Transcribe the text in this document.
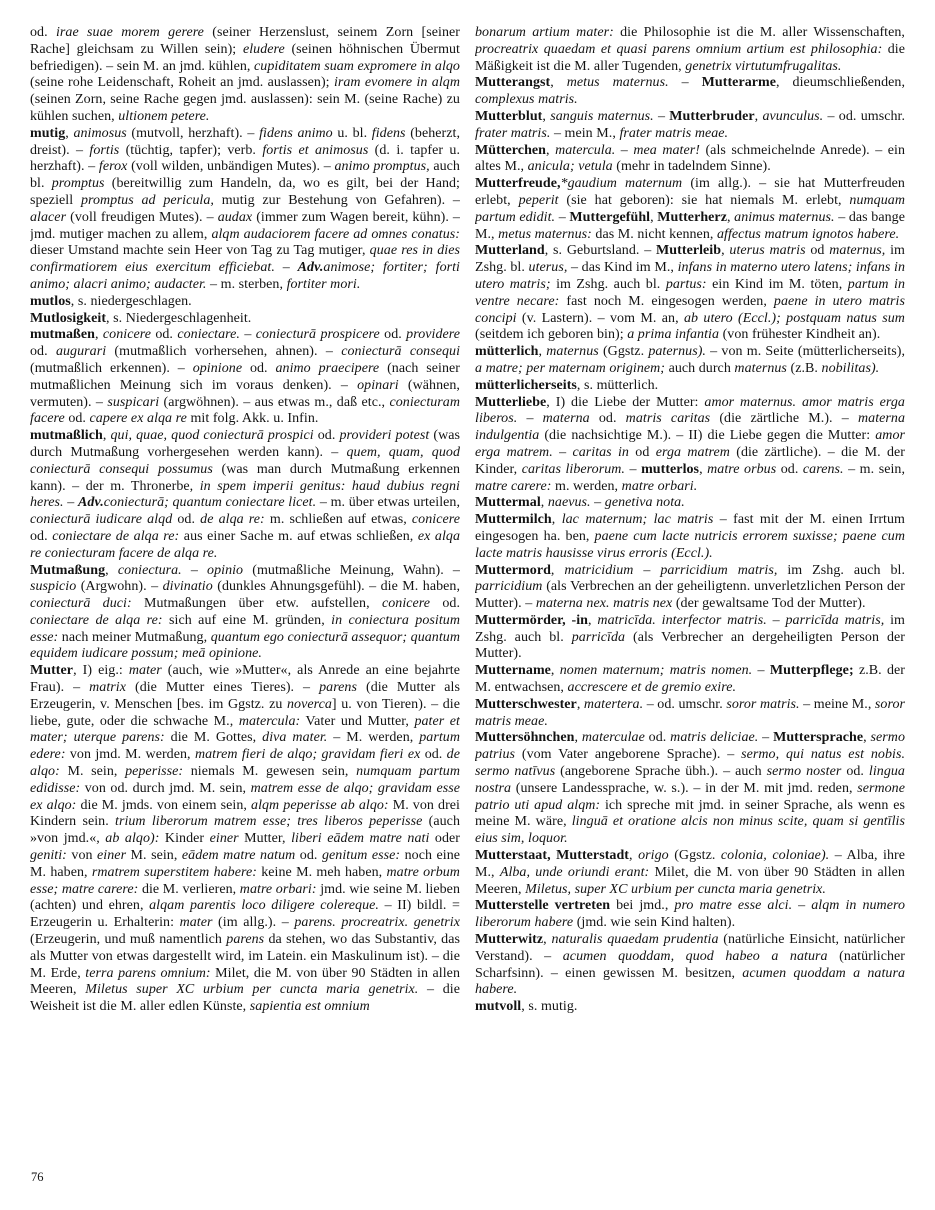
od. irae suae morem gerere (seiner Herzenslust, seinem Zorn [seiner Rache] gleichsam zu Willen sein); eludere (seinen höhnischen Übermut befriedigen). – sein M. an jmd. kühlen, cupiditatem suam expromere in alqo (seine rohe Leidenschaft, Roheit an jmd. auslassen); iram evomere in alqm (seinen Zorn, seine Rache gegen jmd. auslassen): sein M. (seine Rache) zu kühlen suchen, ultionem petere.

mutig, animosus (mutvoll, herzhaft). – fidens animo u. bl. fidens (beherzt, dreist). – fortis (tüchtig, tapfer); verb. fortis et animosus (d. i. tapfer u. herzhaft). – ferox (voll wilden, unbändigen Mutes). – animo promptus, auch bl. promptus (bereitwillig zum Handeln, da, wo es gilt, bei der Hand; speziell promptus ad pericula, mutig zur Bestehung von Gefahren). – alacer (voll freudigen Mutes). – audax (immer zum Wagen bereit, kühn). – jmd. mutiger machen zu allem, alqm audaciorem facere ad omnes conatus: dieser Umstand machte sein Heer von Tag zu Tag mutiger, quae res in dies confirmatiorem eius exercitum efficiebat. – Adv.animose; fortiter; forti animo; alacri animo; audacter. – m. sterben, fortiter mori.

mutlos, s. niedergeschlagen.

Mutlosigkeit, s. Niedergeschlagenheit.

mutmaßen, conicere od. coniectare. – coniecturā prospicere od. providere od. augurari (mutmaßlich vorhersehen, ahnen). – coniecturā consequi (mutmaßlich erkennen). – opinione od. animo praecipere (nach seiner mutmaßlichen Meinung sich im voraus denken). – opinari (wähnen, vermuten). – suspicari (argwöhnen). – aus etwas m., daß etc., coniecturam facere od. capere ex alqa re mit folg. Akk. u. Infin.

mutmaßlich, qui, quae, quod coniecturā prospici od. provideri potest (was durch Mutmaßung vorhergesehen werden kann). – quem, quam, quod coniecturā consequi possumus (was man durch Mutmaßung erkennen kann). – der m. Thronerbe, in spem imperii genitus: haud dubius regni heres. – Adv.coniecturā; quantum coniectare licet. – m. über etwas urteilen, coniecturā iudicare alqd od. de alqa re: m. schließen auf etwas, conicere od. coniectare de alqa re: aus einer Sache m. auf etwas schließen, ex alqa re coniecturam facere de alqa re.

Mutmaßung, coniectura. – opinio (mutmaßliche Meinung, Wahn). – suspicio (Argwohn). – divinatio (dunkles Ahnungsgefühl). – die M. haben, coniecturā duci: Mutmaßungen über etw. aufstellen, conicere od. coniectare de alqa re: sich auf eine M. gründen, in coniectura positum esse: nach meiner Mutmaßung, quantum ego coniecturā assequor; quantum equidem iudicare possum; meā opinione.

Mutter, I) eig.: mater (auch, wie »Mutter«, als Anrede an eine bejahrte Frau). – matrix (die Mutter eines Tieres). – parens (die Mutter als Erzeugerin, v. Menschen [bes. im Ggstz. zu noverca] u. von Tieren). – die liebe, gute, oder die schwache M., matercula: Vater und Mutter, pater et mater; uterque parens: die M. Gottes, diva mater. – M. werden, partum edere: von jmd. M. werden, matrem fieri de alqo; gravidam fieri ex od. de alqo: M. sein, peperisse: niemals M. gewesen sein, numquam partum edidisse: von od. durch jmd. M. sein, matrem esse de alqo; gravidam esse ex alqo: die M. jmds. von einem sein, alqm peperisse ab alqo: M. von drei Kindern sein. trium liberorum matrem esse; tres liberos peperisse (auch »von jmd.«, ab alqo): Kinder einer Mutter, liberi eādem matre nati oder geniti: von einer M. sein, eādem matre natum od. genitum esse: noch eine M. haben, rmatrem superstitem habere: keine M. meh haben, matre orbum esse; matre carere: die M. verlieren, matre orbari: jmd. wie seine M. lieben (achten) und ehren, alqam parentis loco diligere colereque. – II) bildl. = Erzeugerin u. Erhalterin: mater (im allg.). – parens. procreatrix. genetrix (Erzeugerin, und muß namentlich parens da stehen, wo das Substantiv, das als Mutter von etwas dargestellt wird, im Latein. ein Maskulinum ist). – die M. Erde, terra parens omnium: Milet, die M. von über 90 Städten in allen Meeren, Miletus super XC urbium per cuncta maria genetrix. – die Weisheit ist die M. aller edlen Künste, sapientia est omnium

bonarum artium mater: die Philosophie ist die M. aller Wissenschaften, procreatrix quaedam et quasi parens omnium artium est philosophia: die Mäßigkeit ist die M. aller Tugenden, genetrix virtutumfrugalitas.

Mutterangst, metus maternus. – Mutterarme, dieumschließenden, complexus matris.

Mutterblut, sanguis maternus. – Mutterbruder, avunculus. – od. umschr. frater matris. – mein M., frater matris meae.

Mütterchen, matercula. – mea mater! (als schmeichelnde Anrede). – ein altes M., anicula; vetula (mehr in tadelndem Sinne).

Mutterfreude,*gaudium maternum (im allg.). – sie hat Mutterfreuden erlebt, peperit (sie hat geboren): sie hat niemals M. erlebt, numquam partum edidit. – Muttergefühl, Mutterherz, animus maternus. – das bange M., metus maternus: das M. nicht kennen, affectus matrum ignotos habere.

Mutterland, s. Geburtsland. – Mutterleib, uterus matris od maternus, im Zshg. bl. uterus, – das Kind im M., infans in materno utero latens; infans in utero matris; im Zshg. auch bl. partus: ein Kind im M. töten, partum in ventre necare: fast noch M. eingesogen werden, paene in utero matris concipi (v. Lastern). – vom M. an, ab utero (Eccl.); postquam natus sum (seitdem ich geboren bin); a prima infantia (von frühester Kindheit an).

mütterlich, maternus (Ggstz. paternus). – von m. Seite (mütterlicherseits), a matre; per maternam originem; auch durch maternus (z.B. nobilitas).

mütterlicherseits, s. mütterlich.

Mutterliebe, I) die Liebe der Mutter: amor maternus. amor matris erga liberos. – materna od. matris caritas (die zärtliche M.). – materna indulgentia (die nachsichtige M.). – II) die Liebe gegen die Mutter: amor erga matrem. – caritas in od erga matrem (die zärtliche). – die M. der Kinder, caritas liberorum. – mutterlos, matre orbus od. carens. – m. sein, matre carere: m. werden, matre orbari.

Muttermal, naevus. – genetiva nota.

Muttermilch, lac maternum; lac matris – fast mit der M. einen Irrtum eingesogen ha. ben, paene cum lacte nutricis errorem suxisse; paene cum lacte matris hausisse virus erroris (Eccl.).

Muttermord, matricidium – parricidium matris, im Zshg. auch bl. parricidium (als Verbrechen an der geheiligtenn. unverletzlichen Person der Mutter). – materna nex. matris nex (der gewaltsame Tod der Mutter).

Muttermörder, -in, matricīda. interfector matris. – parricīda matris, im Zshg. auch bl. parricīda (als Verbrecher an dergeheiligten Person der Mutter).

Muttername, nomen maternum; matris nomen. – Mutterpflege; z.B. der M. entwachsen, accrescere et de gremio exire.

Mutterschwester, matertera. – od. umschr. soror matris. – meine M., soror matris meae.

Muttersöhnchen, materculae od. matris deliciae. – Muttersprache, sermo patrius (vom Vater angeborene Sprache). – sermo, qui natus est nobis. sermo natīvus (angeborene Sprache übh.). – auch sermo noster od. lingua nostra (unsere Landessprache, w. s.). – in der M. mit jmd. reden, sermone patrio uti apud alqm: ich spreche mit jmd. in seiner Sprache, als wenn es meine M. wäre, linguā et oratione alcis non minus scite, quam si gentīlis eius sim, loquor.

Mutterstaat, Mutterstadt, origo (Ggstz. colonia, coloniae). – Alba, ihre M., Alba, unde oriundi erant: Milet, die M. von über 90 Städten in allen Meeren, Miletus, super XC urbium per cuncta maria genetrix.

Mutterstelle vertreten bei jmd., pro matre esse alci. – alqm in numero liberorum habere (jmd. wie sein Kind halten).

Mutterwitz, naturalis quaedam prudentia (natürliche Einsicht, natürlicher Verstand). – acumen quoddam, quod habeo a natura (natürlicher Scharfsinn). – einen gewissen M. besitzen, acumen quoddam a natura habere.

mutvoll, s. mutig.

76
